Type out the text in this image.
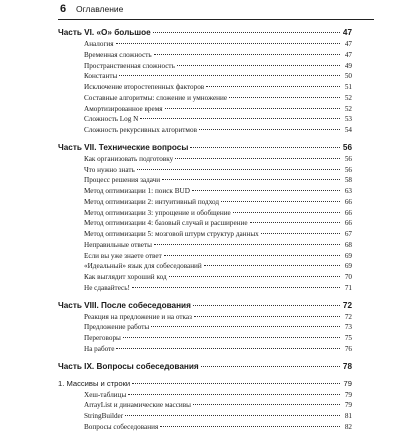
6 Оглавление
Часть VI. «O» большое	47
Аналогия	47
Временная сложность	47
Пространственная сложность	49
Константы	50
Исключение второстепенных факторов	51
Составные алгоритмы: сложение и умножение	52
Амортизированное время	52
Сложность Log N	53
Сложность рекурсивных алгоритмов	54
Часть VII. Технические вопросы	56
Как организовать подготовку	56
Что нужно знать	56
Процесс решения задачи	58
Метод оптимизации 1: поиск BUD	63
Метод оптимизации 2: интуитивный подход	66
Метод оптимизации 3: упрощение и обобщение	66
Метод оптимизации 4: базовый случай и расширение	66
Метод оптимизации 5: мозговой штурм структур данных	67
Неправильные ответы	68
Если вы уже знаете ответ	69
«Идеальный» язык для собеседований	69
Как выглядит хороший код	70
Не сдавайтесь!	71
Часть VIII. После собеседования	72
Реакция на предложение и на отказ	72
Предложение работы	73
Переговоры	75
На работе	76
Часть IX. Вопросы собеседования	78
1. Массивы и строки	79
Хеш-таблицы	79
ArrayList и динамические массивы	79
StringBuilder	81
Вопросы собеседования	82
